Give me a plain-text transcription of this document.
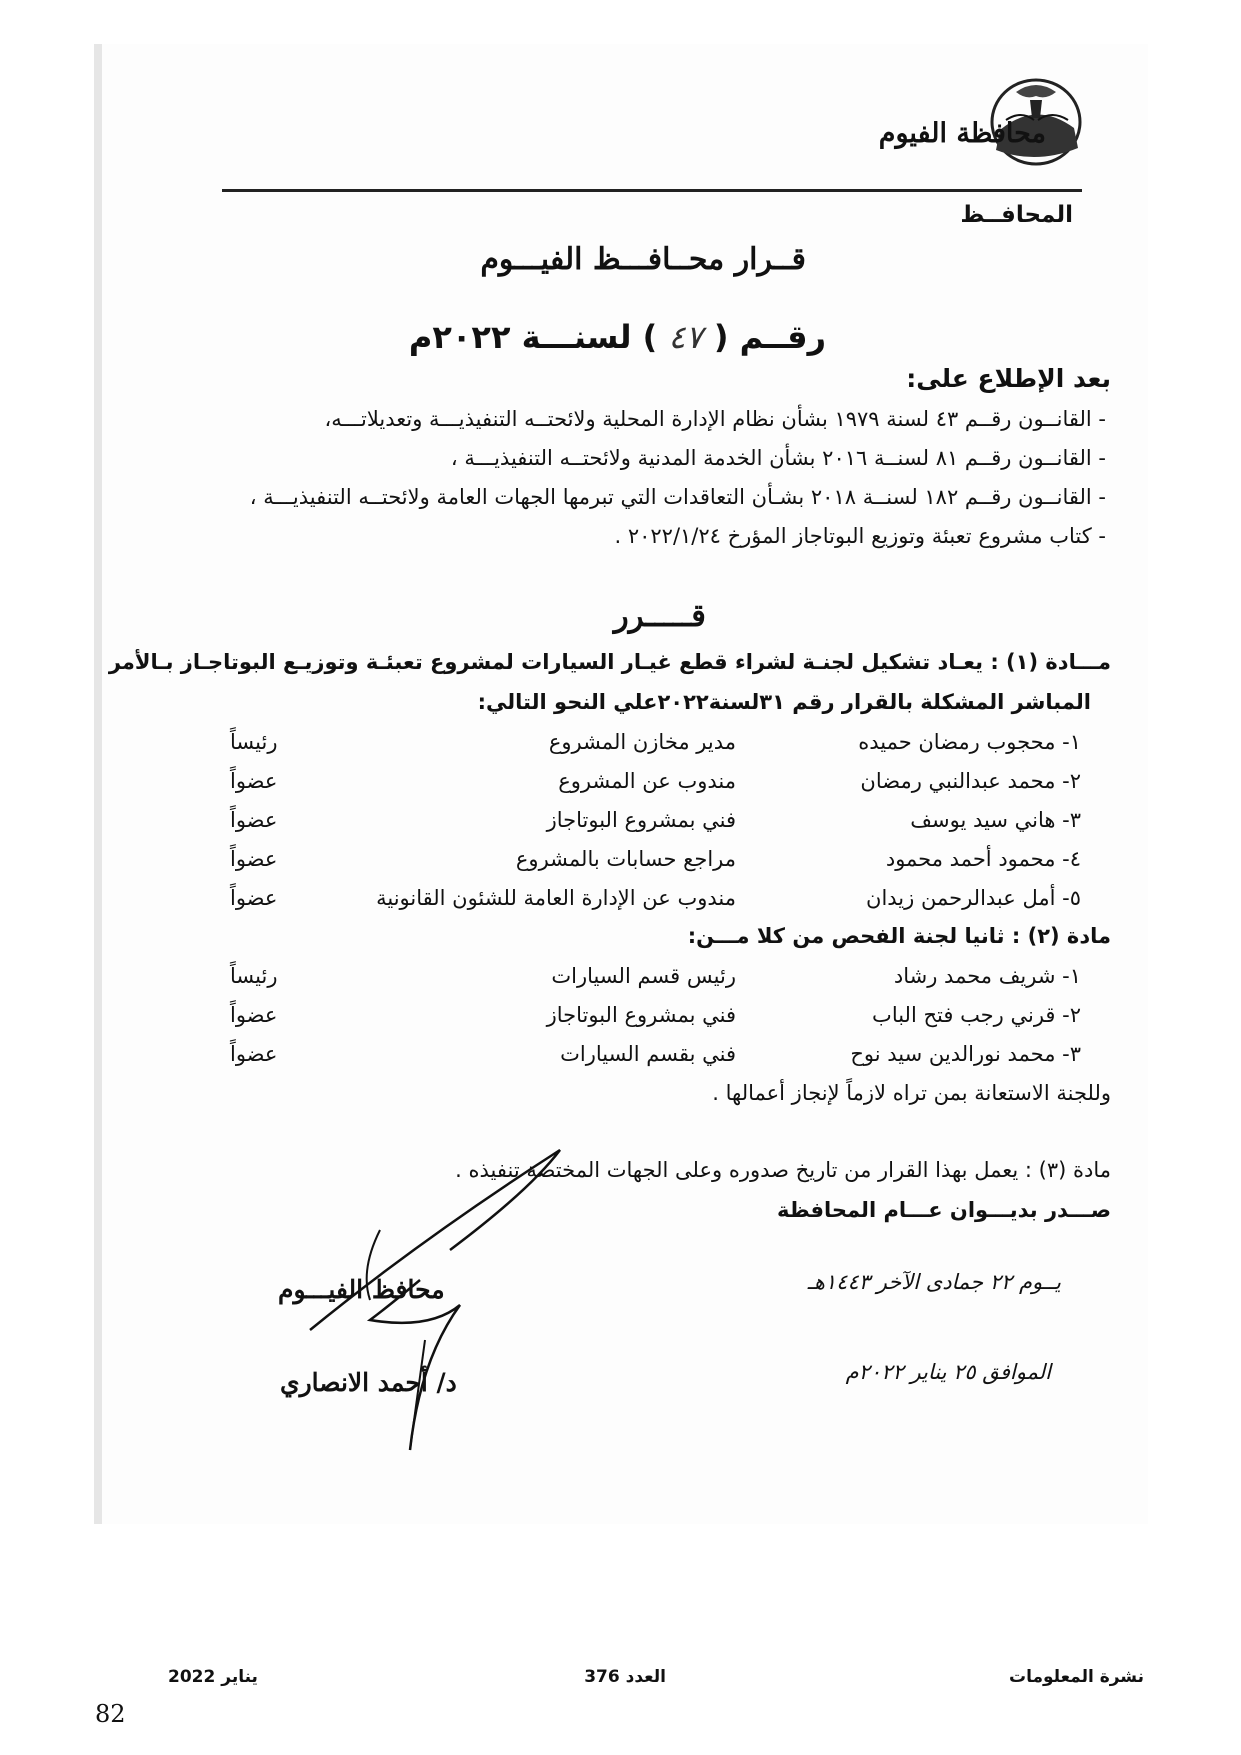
محافظة الفيوم
المحافــظ
قــرار محــافـــظ الفيـــوم
رقــم ( ٤٧ ) لسنـــة ٢٠٢٢م
بعد الإطلاع على:
- القانــون رقــم ٤٣ لسنة ١٩٧٩ بشأن نظام الإدارة المحلية ولائحتــه التنفيذيـــة وتعديلاتـــه،
- القانــون رقــم ٨١ لسنــة ٢٠١٦ بشأن الخدمة المدنية ولائحتــه التنفيذيـــة ،
- القانــون رقــم ١٨٢ لسنــة ٢٠١٨ بشـأن التعاقدات التي تبرمها الجهات العامة ولائحتــه التنفيذيـــة ،
- كتاب مشروع تعبئة وتوزيع البوتاجاز المؤرخ ٢٠٢٢/١/٢٤ .
قـــــرر
مـــادة (١) : يعـاد تشكيل لجنـة لشراء قطع غيـار السيارات لمشروع تعبئـة وتوزيـع البوتاجـاز بـالأمر
المباشر المشكلة بالقرار رقم ٣١لسنة٢٠٢٢علي النحو التالي:
١- محجوب رمضان حميده
مدير مخازن المشروع
رئيساً
٢- محمد عبدالنبي رمضان
مندوب عن المشروع
عضواً
٣- هاني سيد يوسف
فني بمشروع البوتاجاز
عضواً
٤- محمود أحمد محمود
مراجع حسابات بالمشروع
عضواً
٥- أمل عبدالرحمن زيدان
مندوب عن الإدارة العامة للشئون القانونية
عضواً
مادة (٢) : ثانيا لجنة الفحص من كلا مـــن:
١- شريف محمد رشاد
رئيس قسم السيارات
رئيساً
٢- قرني رجب فتح الباب
فني بمشروع البوتاجاز
عضواً
٣- محمد نورالدين سيد نوح
فني بقسم السيارات
عضواً
وللجنة الاستعانة بمن تراه لازماً لإنجاز أعمالها .
مادة (٣) : يعمل بهذا القرار من تاريخ صدوره وعلى الجهات المختصة تنفيذه .
صـــدر بديـــوان عـــام المحافظة
يــوم ٢٢ جمادى الآخر ١٤٤٣هـ
الموافق ٢٥ يناير ٢٠٢٢م
محافظ الفيـــوم
د/ أحمد الانصاري
نشرة المعلومات
العدد 376
يناير 2022
82
